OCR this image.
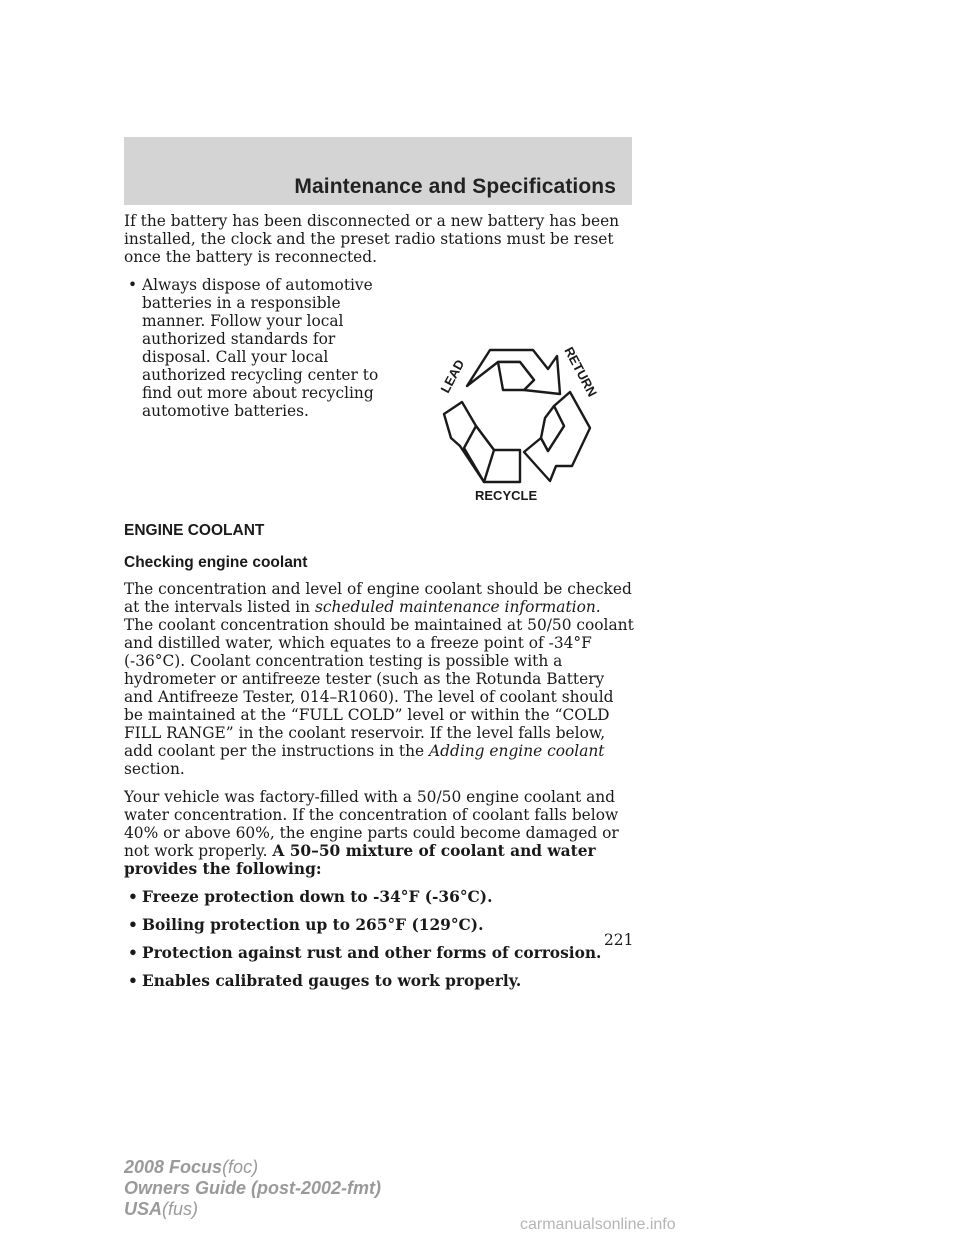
Maintenance and Specifications

If the battery has been disconnected or a new battery has been installed, the clock and the preset radio stations must be reset once the battery is reconnected.

• Always dispose of automotive batteries in a responsible manner. Follow your local authorized standards for disposal. Call your local authorized recycling center to find out more about recycling automotive batteries.

LEAD	RETURN
RECYCLE
ENGINE COOLANT
Checking engine coolant

The concentration and level of engine coolant should be checked at the intervals listed in scheduled maintenance information. The coolant concentration should be maintained at 50/50 coolant and distilled water, which equates to a freeze point of -34°F (-36°C). Coolant concentration testing is possible with a hydrometer or antifreeze tester (such as the Rotunda Battery and Antifreeze Tester, 014–R1060). The level of coolant should be maintained at the “FULL COLD” level or within the “COLD FILL RANGE” in the coolant reservoir. If the level falls below, add coolant per the instructions in the Adding engine coolant section.

Your vehicle was factory-filled with a 50/50 engine coolant and water concentration. If the concentration of coolant falls below 40% or above 60%, the engine parts could become damaged or not work properly. A 50–50 mixture of coolant and water provides the following:

• Freeze protection down to -34°F (-36°C).

• Boiling protection up to 265°F (129°C).

• Protection against rust and other forms of corrosion.

• Enables calibrated gauges to work properly.

221
2008 Focus(foc)
Owners Guide (post-2002-fmt)
USA(fus)
carmanualsonline.info
